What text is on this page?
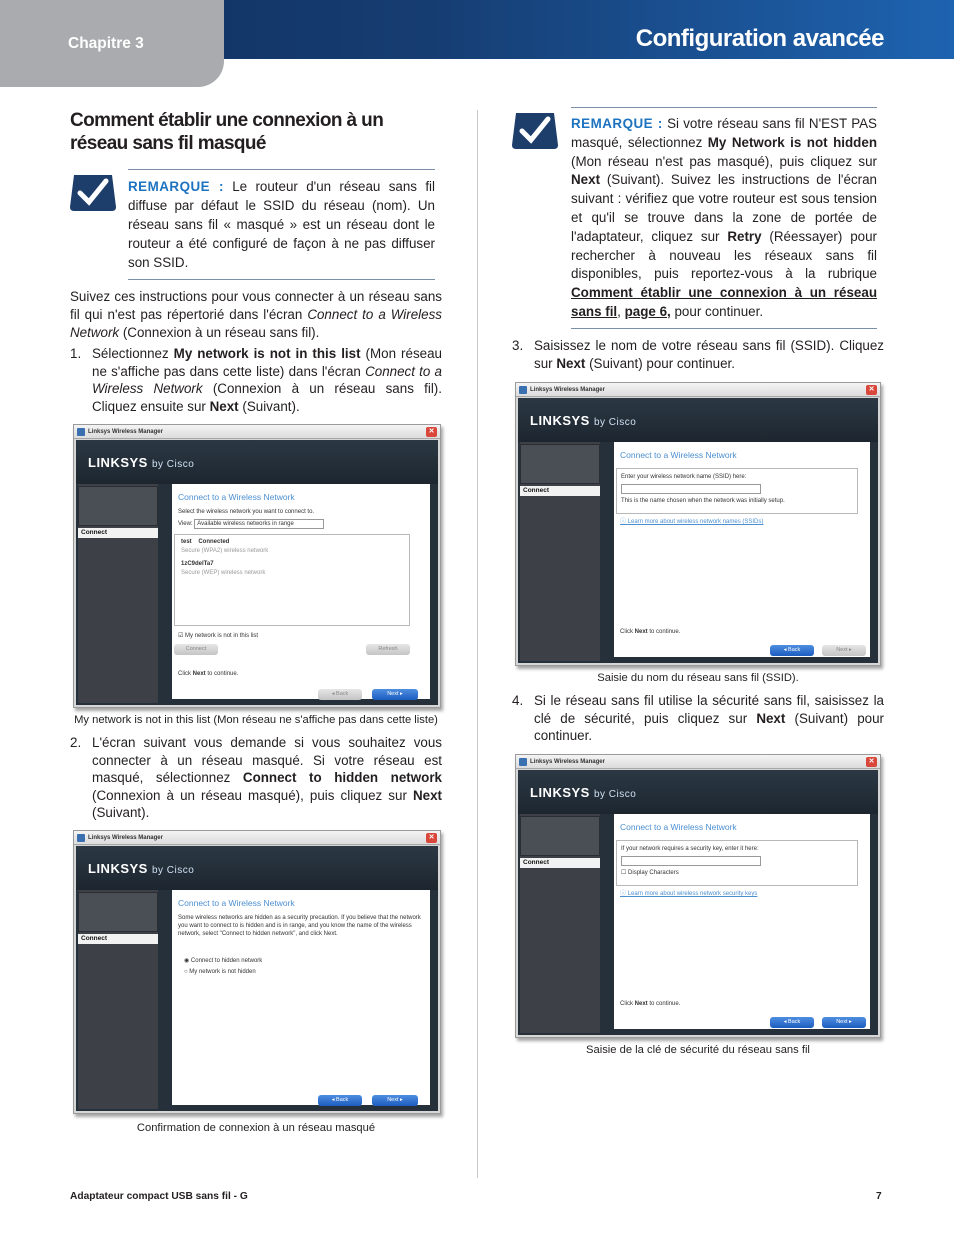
Chapitre 3	Configuration avancée
Comment établir une connexion à un réseau sans fil masqué
REMARQUE : Le routeur d'un réseau sans fil diffuse par défaut le SSID du réseau (nom). Un réseau sans fil « masqué » est un réseau dont le routeur a été configuré de façon à ne pas diffuser son SSID.
Suivez ces instructions pour vous connecter à un réseau sans fil qui n'est pas répertorié dans l'écran Connect to a Wireless Network (Connexion à un réseau sans fil).
1. Sélectionnez My network is not in this list (Mon réseau ne s'affiche pas dans cette liste) dans l'écran Connect to a Wireless Network (Connexion à un réseau sans fil). Cliquez ensuite sur Next (Suivant).
Linksys Wireless Manager	✕
LINKSYS by Cisco
Connect
Connect to a Wireless Network
Select the wireless network you want to connect to.
View: Available wireless networks in range
test Connected
Secure (WPA2) wireless network
1zC9delTa7
Secure (WEP) wireless network
☑ My network is not in this list
Connect	Refresh
Click Next to continue.
◂ Back	Next ▸
My network is not in this list (Mon réseau ne s'affiche pas dans cette liste)
2. L'écran suivant vous demande si vous souhaitez vous connecter à un réseau masqué. Si votre réseau est masqué, sélectionnez Connect to hidden network (Connexion à un réseau masqué), puis cliquez sur Next (Suivant).
Linksys Wireless Manager	✕
LINKSYS by Cisco
Connect
Connect to a Wireless Network
Some wireless networks are hidden as a security precaution. If you believe that the network you want to connect to is hidden and is in range, and you know the name of the wireless network, select "Connect to hidden network", and click Next.
◉ Connect to hidden network
○ My network is not hidden
◂ Back	Next ▸
Confirmation de connexion à un réseau masqué
REMARQUE : Si votre réseau sans fil N'EST PAS masqué, sélectionnez My Network is not hidden (Mon réseau n'est pas masqué), puis cliquez sur Next (Suivant). Suivez les instructions de l'écran suivant : vérifiez que votre routeur est sous tension et qu'il se trouve dans la zone de portée de l'adaptateur, cliquez sur Retry (Réessayer) pour rechercher à nouveau les réseaux sans fil disponibles, puis reportez-vous à la rubrique Comment établir une connexion à un réseau sans fil, page 6, pour continuer.
3. Saisissez le nom de votre réseau sans fil (SSID). Cliquez sur Next (Suivant) pour continuer.
Linksys Wireless Manager	✕
LINKSYS by Cisco
Connect
Connect to a Wireless Network
Enter your wireless network name (SSID) here:
This is the name chosen when the network was initially setup.
ⓘ Learn more about wireless network names (SSIDs)
Click Next to continue.
◂ Back	Next ▸
Saisie du nom du réseau sans fil (SSID).
4. Si le réseau sans fil utilise la sécurité sans fil, saisissez la clé de sécurité, puis cliquez sur Next (Suivant) pour continuer.
Linksys Wireless Manager	✕
LINKSYS by Cisco
Connect
Connect to a Wireless Network
If your network requires a security key, enter it here:
☐ Display Characters
ⓘ Learn more about wireless network security keys
Click Next to continue.
◂ Back	Next ▸
Saisie de la clé de sécurité du réseau sans fil
Adaptateur compact USB sans fil - G	7
